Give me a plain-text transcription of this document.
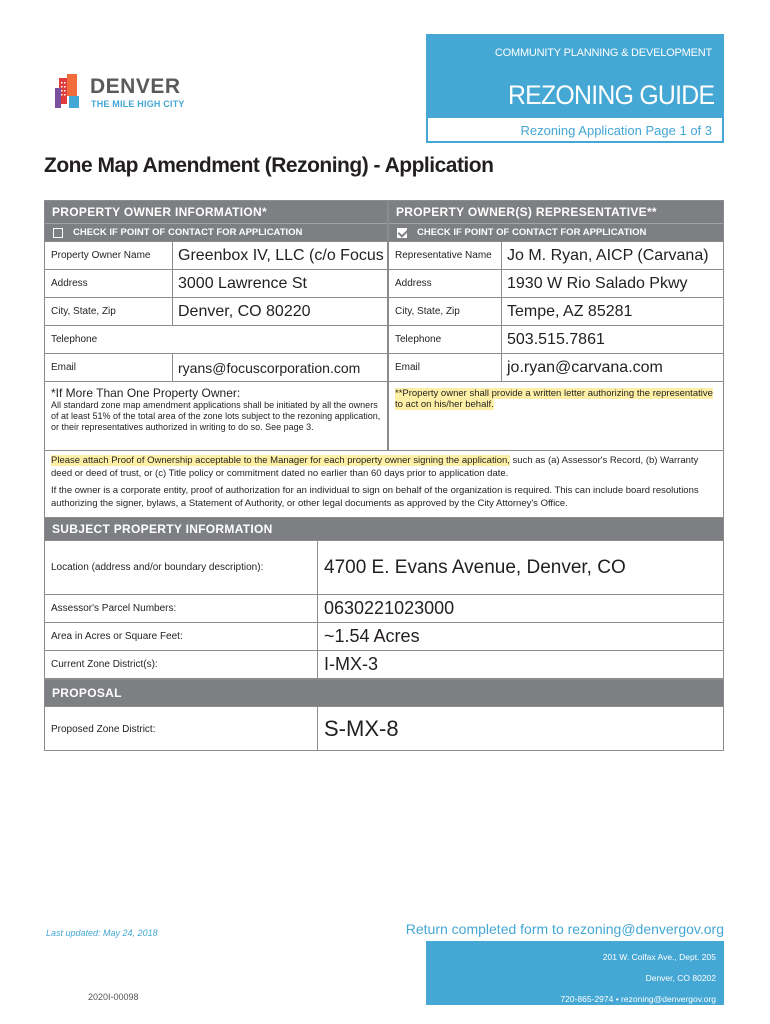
COMMUNITY PLANNING & DEVELOPMENT
REZONING GUIDE
Rezoning Application Page 1 of 3
DENVER
THE MILE HIGH CITY
Zone Map Amendment (Rezoning) - Application
PROPERTY OWNER INFORMATION*
CHECK IF POINT OF CONTACT FOR APPLICATION
Property Owner Name	Greenbox IV, LLC (c/o Focus
Address	3000 Lawrence St
City, State, Zip	Denver, CO 80220
Telephone
Email	ryans@focuscorporation.com
*If More Than One Property Owner:
All standard zone map amendment applications shall be initiated by all the owners of at least 51% of the total area of the zone lots subject to the rezoning application, or their representatives authorized in writing to do so. See page 3.
PROPERTY OWNER(S) REPRESENTATIVE**
CHECK IF POINT OF CONTACT FOR APPLICATION
Representative Name Jo M. Ryan, AICP (Carvana)
Address	1930 W Rio Salado Pkwy
City, State, Zip	Tempe, AZ 85281
Telephone	503.515.7861
Email	jo.ryan@carvana.com
**Property owner shall provide a written letter authorizing the representative to act on his/her behalf.

Please attach Proof of Ownership acceptable to the Manager for each property owner signing the application, such as (a) Assessor's Record, (b) Warranty deed or deed of trust, or (c) Title policy or commitment dated no earlier than 60 days prior to application date.

If the owner is a corporate entity, proof of authorization for an individual to sign on behalf of the organization is required. This can include board resolutions authorizing the signer, bylaws, a Statement of Authority, or other legal documents as approved by the City Attorney's Office.

SUBJECT PROPERTY INFORMATION
Location (address and/or boundary description):	4700 E. Evans Avenue, Denver, CO
Assessor's Parcel Numbers:	0630221023000
Area in Acres or Square Feet:	~1.54 Acres
Current Zone District(s):	I-MX-3
PROPOSAL
Proposed Zone District:	S-MX-8
Last updated: May 24, 2018	Return completed form to rezoning@denvergov.org
201 W. Colfax Ave., Dept. 205
Denver, CO 80202
720-865-2974 • rezoning@denvergov.org
2020I-00098
